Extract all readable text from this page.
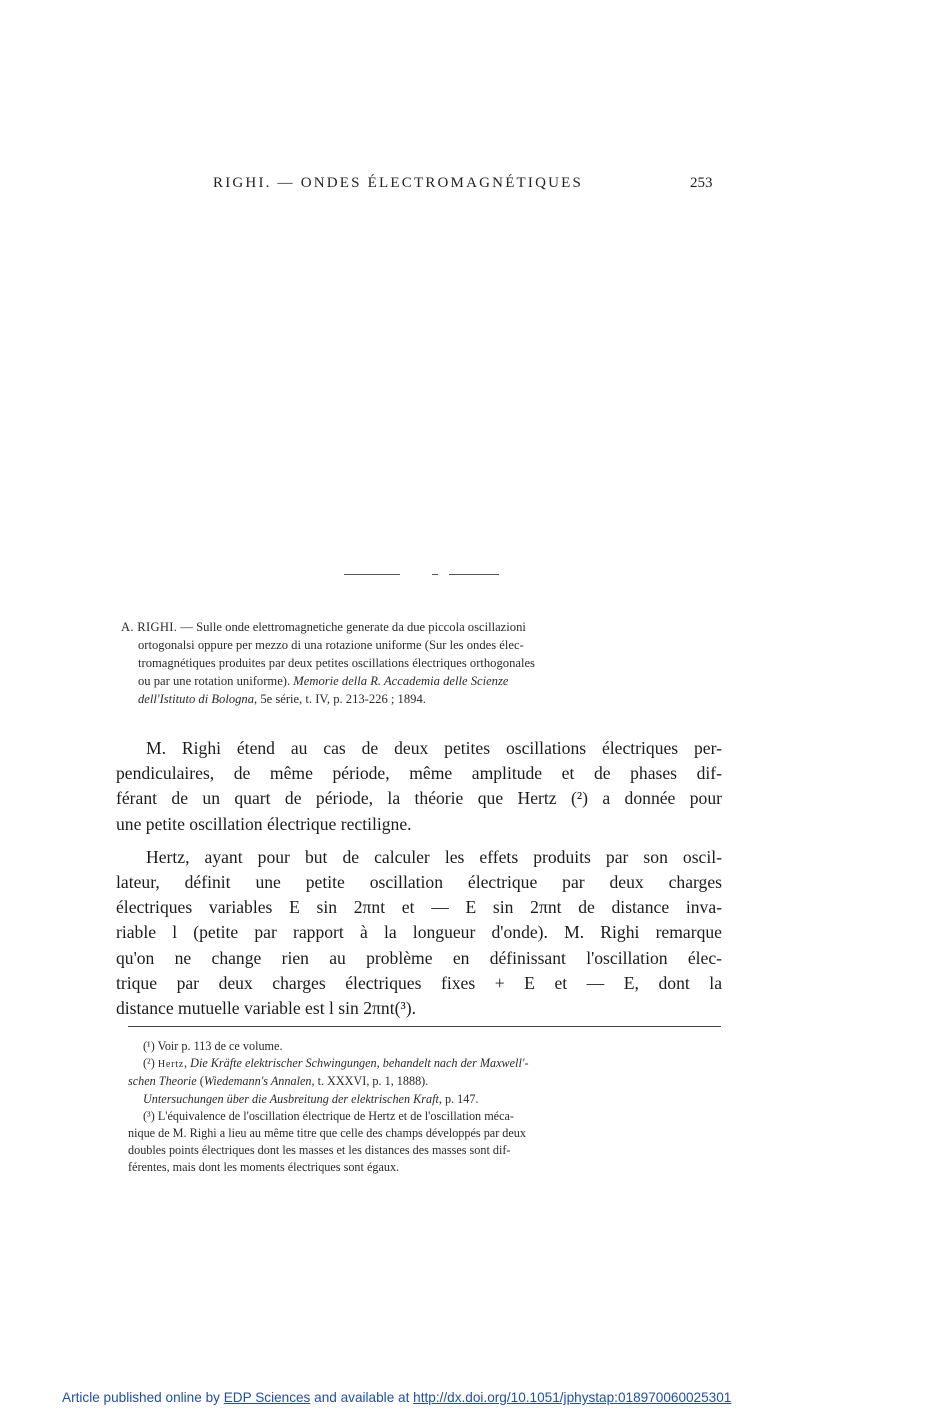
RIGHI. — ONDES ÉLECTROMAGNÉTIQUES	253
A. RIGHI. — Sulle onde elettromagnetiche generate da due piccola oscillazioni
ortogonalsi oppure per mezzo di una rotazione uniforme (Sur les ondes élec-
tromagnétiques produites par deux petites oscillations électriques orthogonales
ou par une rotation uniforme). Memorie della R. Accademia delle Scienze
dell'Istituto di Bologna, 5e série, t. IV, p. 213-226 ; 1894.
M. Righi étend au cas de deux petites oscillations électriques per-
pendiculaires, de même période, même amplitude et de phases dif-
férant de un quart de période, la théorie que Hertz (²) a donnée pour
une petite oscillation électrique rectiligne.
Hertz, ayant pour but de calculer les effets produits par son oscil-
lateur, définit une petite oscillation électrique par deux charges
électriques variables E sin 2πnt et — E sin 2πnt de distance inva-
riable l (petite par rapport à la longueur d'onde). M. Righi remarque
qu'on ne change rien au problème en définissant l'oscillation élec-
trique par deux charges électriques fixes + E et — E, dont la
distance mutuelle variable est l sin 2πnt(³).
(¹) Voir p. 113 de ce volume.
(²) Hertz, Die Kräfte elektrischer Schwingungen, behandelt nach der Maxwell'-
schen Theorie (Wiedemann's Annalen, t. XXXVI, p. 1, 1888).
Untersuchungen über die Ausbreitung der elektrischen Kraft, p. 147.
(³) L'équivalence de l'oscillation électrique de Hertz et de l'oscillation méca-
nique de M. Righi a lieu au même titre que celle des champs développés par deux
doubles points électriques dont les masses et les distances des masses sont dif-
férentes, mais dont les moments électriques sont égaux.
Article published online by EDP Sciences and available at http://dx.doi.org/10.1051/jphystap:018970060025301
